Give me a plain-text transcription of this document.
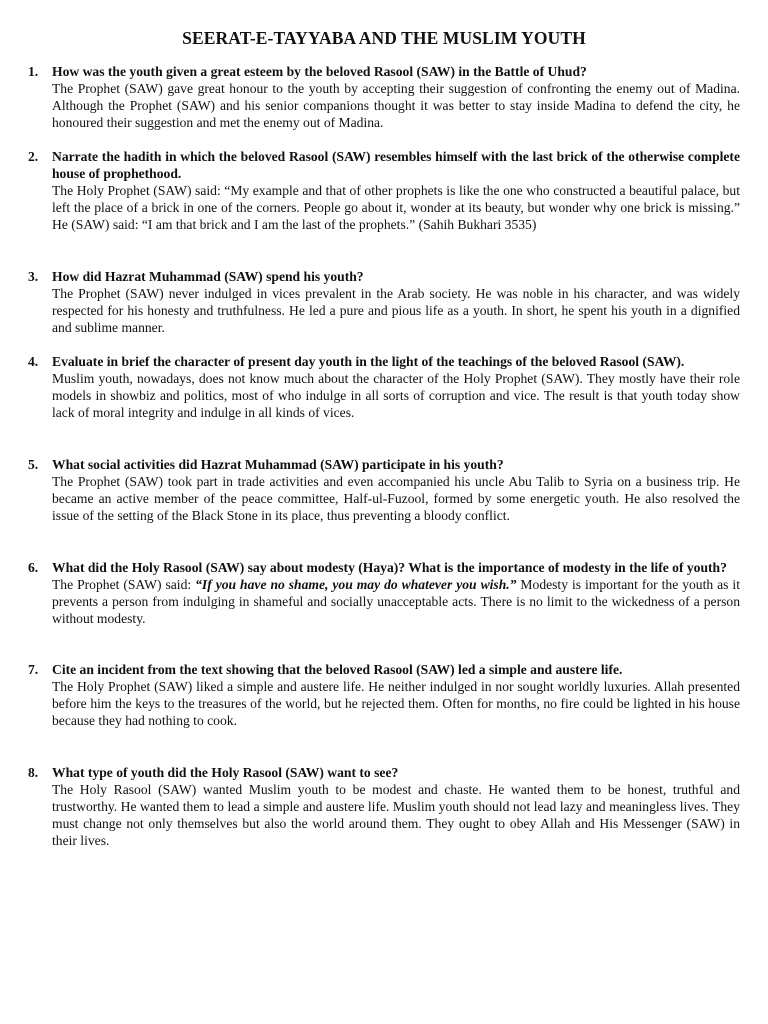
SEERAT-E-TAYYABA AND THE MUSLIM YOUTH
1. How was the youth given a great esteem by the beloved Rasool (SAW) in the Battle of Uhud?
The Prophet (SAW) gave great honour to the youth by accepting their suggestion of confronting the enemy out of Madina. Although the Prophet (SAW) and his senior companions thought it was better to stay inside Madina to defend the city, he honoured their suggestion and met the enemy out of Madina.
2. Narrate the hadith in which the beloved Rasool (SAW) resembles himself with the last brick of the otherwise complete house of prophethood.
The Holy Prophet (SAW) said: “My example and that of other prophets is like the one who constructed a beautiful palace, but left the place of a brick in one of the corners. People go about it, wonder at its beauty, but wonder why one brick is missing.” He (SAW) said: “I am that brick and I am the last of the prophets.” (Sahih Bukhari 3535)
3. How did Hazrat Muhammad (SAW) spend his youth?
The Prophet (SAW) never indulged in vices prevalent in the Arab society. He was noble in his character, and was widely respected for his honesty and truthfulness. He led a pure and pious life as a youth. In short, he spent his youth in a dignified and sublime manner.
4. Evaluate in brief the character of present day youth in the light of the teachings of the beloved Rasool (SAW).
Muslim youth, nowadays, does not know much about the character of the Holy Prophet (SAW). They mostly have their role models in showbiz and politics, most of who indulge in all sorts of corruption and vice. The result is that youth today show lack of moral integrity and indulge in all kinds of vices.
5. What social activities did Hazrat Muhammad (SAW) participate in his youth?
The Prophet (SAW) took part in trade activities and even accompanied his uncle Abu Talib to Syria on a business trip. He became an active member of the peace committee, Half-ul-Fuzool, formed by some energetic youth. He also resolved the issue of the setting of the Black Stone in its place, thus preventing a bloody conflict.
6. What did the Holy Rasool (SAW) say about modesty (Haya)? What is the importance of modesty in the life of youth?
The Prophet (SAW) said: “If you have no shame, you may do whatever you wish.” Modesty is important for the youth as it prevents a person from indulging in shameful and socially unacceptable acts. There is no limit to the wickedness of a person without modesty.
7. Cite an incident from the text showing that the beloved Rasool (SAW) led a simple and austere life.
The Holy Prophet (SAW) liked a simple and austere life. He neither indulged in nor sought worldly luxuries. Allah presented before him the keys to the treasures of the world, but he rejected them. Often for months, no fire could be lighted in his house because they had nothing to cook.
8. What type of youth did the Holy Rasool (SAW) want to see?
The Holy Rasool (SAW) wanted Muslim youth to be modest and chaste. He wanted them to be honest, truthful and trustworthy. He wanted them to lead a simple and austere life. Muslim youth should not lead lazy and meaningless lives. They must change not only themselves but also the world around them. They ought to obey Allah and His Messenger (SAW) in their lives.
